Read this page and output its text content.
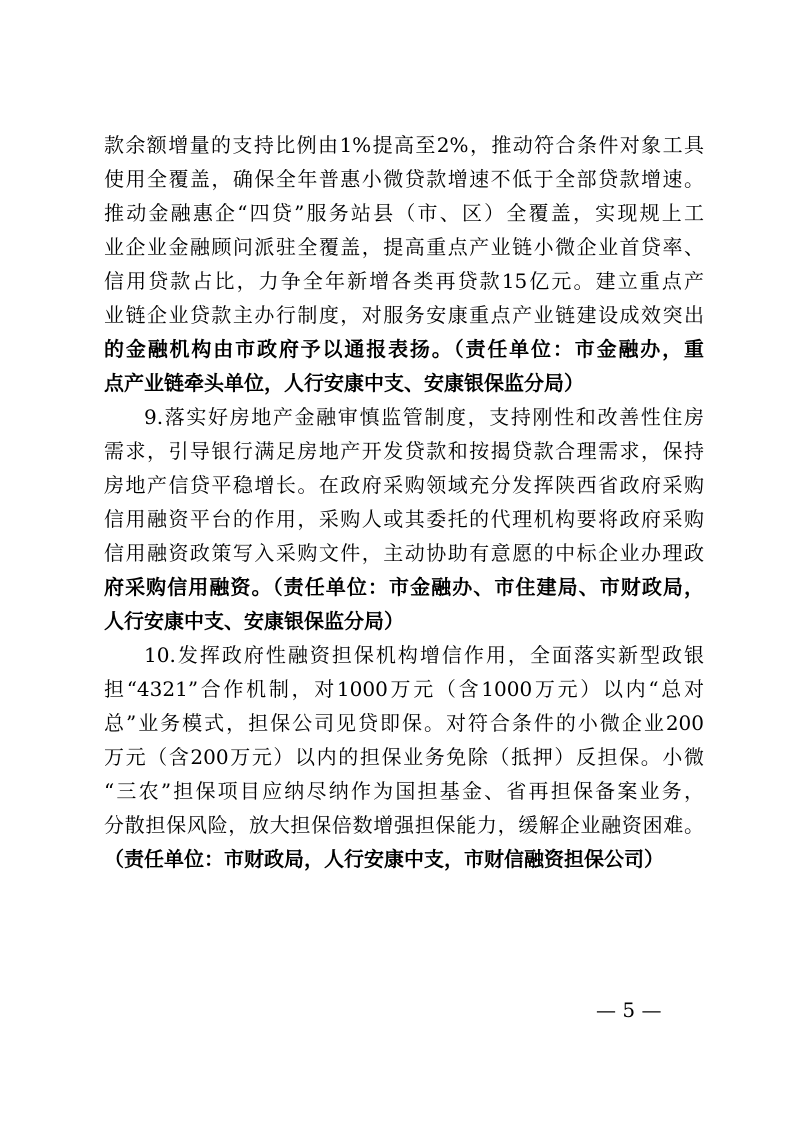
款余额增量的支持比例由1%提高至2%，推动符合条件对象工具
使用全覆盖，确保全年普惠小微贷款增速不低于全部贷款增速。
推动金融惠企“四贷”服务站县（市、区）全覆盖，实现规上工
业企业金融顾问派驻全覆盖，提高重点产业链小微企业首贷率、
信用贷款占比，力争全年新增各类再贷款15亿元。建立重点产
业链企业贷款主办行制度，对服务安康重点产业链建设成效突出
的金融机构由市政府予以通报表扬。（责任单位：市金融办，重
点产业链牵头单位，人行安康中支、安康银保监分局）
9.落实好房地产金融审慎监管制度，支持刚性和改善性住房
需求，引导银行满足房地产开发贷款和按揭贷款合理需求，保持
房地产信贷平稳增长。在政府采购领域充分发挥陕西省政府采购
信用融资平台的作用，采购人或其委托的代理机构要将政府采购
信用融资政策写入采购文件，主动协助有意愿的中标企业办理政
府采购信用融资。（责任单位：市金融办、市住建局、市财政局，
人行安康中支、安康银保监分局）
10.发挥政府性融资担保机构增信作用，全面落实新型政银
担“4321”合作机制，对1000万元（含1000万元）以内“总对
总”业务模式，担保公司见贷即保。对符合条件的小微企业200
万元（含200万元）以内的担保业务免除（抵押）反担保。小微
“三农”担保项目应纳尽纳作为国担基金、省再担保备案业务，
分散担保风险，放大担保倍数增强担保能力，缓解企业融资困难。
（责任单位：市财政局，人行安康中支，市财信融资担保公司）
— 5 —
